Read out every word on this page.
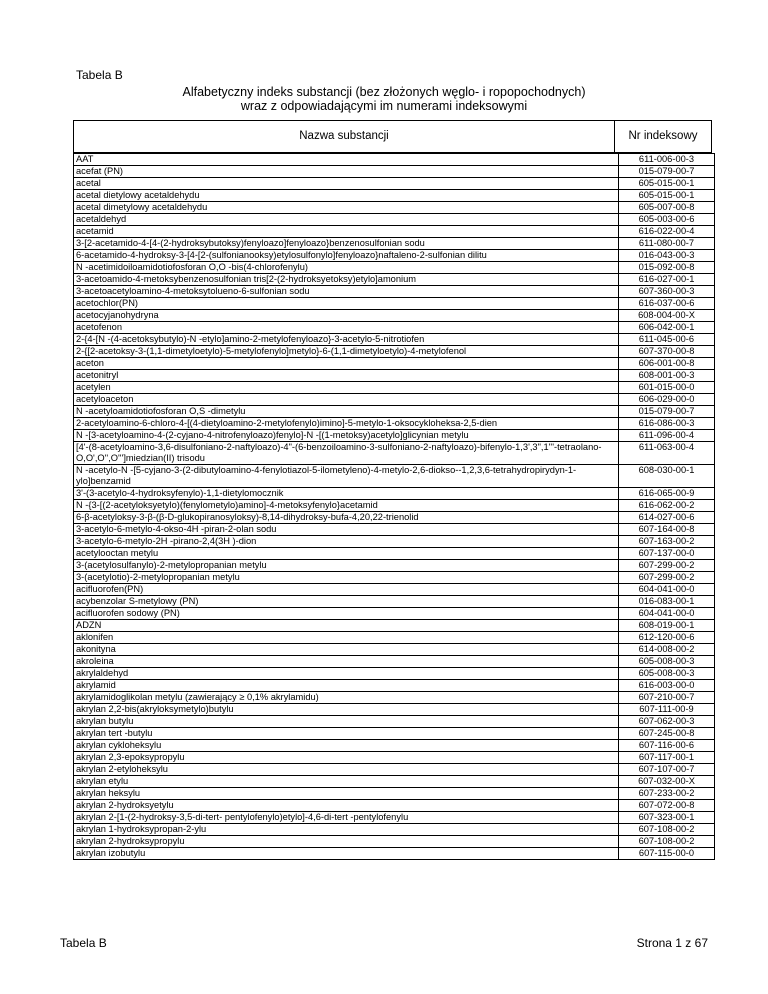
Tabela B
Alfabetyczny indeks substancji (bez złożonych węglo- i ropopochodnych)
wraz z odpowiadającymi im numerami indeksowymi
Nazwa substancji	Nr indeksowy
AAT	611-006-00-3
acefat (PN)	015-079-00-7
acetal	605-015-00-1
acetal dietylowy acetaldehydu	605-015-00-1
acetal dimetylowy acetaldehydu	605-007-00-8
acetaldehyd	605-003-00-6
acetamid	616-022-00-4
3-[2-acetamido-4-[4-(2-hydroksybutoksy)fenyloazo]fenyloazo}benzenosulfonian sodu	611-080-00-7
6-acetamido-4-hydroksy-3-[4-[2-(sulfonianooksy)etylosulfonylo]fenyloazo}naftaleno-2-sulfonian dilitu	016-043-00-3
N -acetimidoiloamidotiofosforan O,O -bis(4-chlorofenylu)	015-092-00-8
3-acetoamido-4-metoksybenzenosulfonian tris[2-(2-hydroksyetoksy)etylo]amonium	616-027-00-1
3-acetoacetyloamino-4-metoksytolueno-6-sulfonian sodu	607-360-00-3
acetochlor(PN)	616-037-00-6
acetocyjanohydryna	608-004-00-X
acetofenon	606-042-00-1
2-{4-[N -(4-acetoksybutylo)-N -etylo]amino-2-metylofenyloazo}-3-acetylo-5-nitrotiofen	611-045-00-6
2-{[2-acetoksy-3-(1,1-dimetyloetylo)-5-metylofenylo]metylo}-6-(1,1-dimetyloetylo)-4-metylofenol	607-370-00-8
aceton	606-001-00-8
acetonitryl	608-001-00-3
acetylen	601-015-00-0
acetyloaceton	606-029-00-0
N -acetyloamidotiofosforan O,S -dimetylu	015-079-00-7
2-acetyloamino-6-chloro-4-[(4-dietyloamino-2-metylofenylo)imino]-5-metylo-1-oksocykloheksa-2,5-dien	616-086-00-3
N -[3-acetyloamino-4-(2-cyjano-4-nitrofenyloazo)fenylo]-N -[(1-metoksy)acetylo]glicynian metylu	611-096-00-4
[4'-(8-acetyloamino-3,6-disulfoniano-2-naftyloazo)-4"-(6-benzoiloamino-3-sulfoniano-2-naftyloazo)-bifenylo-1,3',3",1'''-tetraolano-O,O',O'',O''']miedzian(II) trisodu	611-063-00-4
N -acetylo-N -[5-cyjano-3-(2-dibutyloamino-4-fenylotiazol-5-ilometyleno)-4-metylo-2,6-diokso--1,2,3,6-tetrahydropirydyn-1-ylo]benzamid	608-030-00-1
3'-(3-acetylo-4-hydroksyfenylo)-1,1-dietylomocznik	616-065-00-9
N -{3-[(2-acetyloksyetylo)(fenylometylo)amino]-4-metoksyfenylo}acetamid	616-062-00-2
6-β-acetyloksy-3-β-(β-D-glukopiranosyloksy)-8,14-dihydroksy-bufa-4,20,22-trienolid	614-027-00-6
3-acetylo-6-metylo-4-okso-4H -piran-2-olan sodu	607-164-00-8
3-acetylo-6-metylo-2H -pirano-2,4(3H )-dion	607-163-00-2
acetylooctan metylu	607-137-00-0
3-(acetylosulfanylo)-2-metylopropanian metylu	607-299-00-2
3-(acetylotio)-2-metylopropanian metylu	607-299-00-2
acifluorofen(PN)	604-041-00-0
acybenzolar S-metylowy (PN)	016-083-00-1
acifluorofen sodowy (PN)	604-041-00-0
ADZN	608-019-00-1
aklonifen	612-120-00-6
akonityna	614-008-00-2
akroleina	605-008-00-3
akrylaldehyd	605-008-00-3
akrylamid	616-003-00-0
akrylamidoglikolan metylu (zawierający ≥ 0,1% akrylamidu)	607-210-00-7
akrylan 2,2-bis(akryloksymetylo)butylu	607-111-00-9
akrylan butylu	607-062-00-3
akrylan tert -butylu	607-245-00-8
akrylan cykloheksylu	607-116-00-6
akrylan 2,3-epoksypropylu	607-117-00-1
akrylan 2-etyloheksylu	607-107-00-7
akrylan etylu	607-032-00-X
akrylan heksylu	607-233-00-2
akrylan 2-hydroksyetylu	607-072-00-8
akrylan 2-[1-(2-hydroksy-3,5-di-tert- pentylofenylo)etylo]-4,6-di-tert -pentylofenylu	607-323-00-1
akrylan 1-hydroksypropan-2-ylu	607-108-00-2
akrylan 2-hydroksypropylu	607-108-00-2
akrylan izobutylu	607-115-00-0
Tabela B	Strona 1 z 67
